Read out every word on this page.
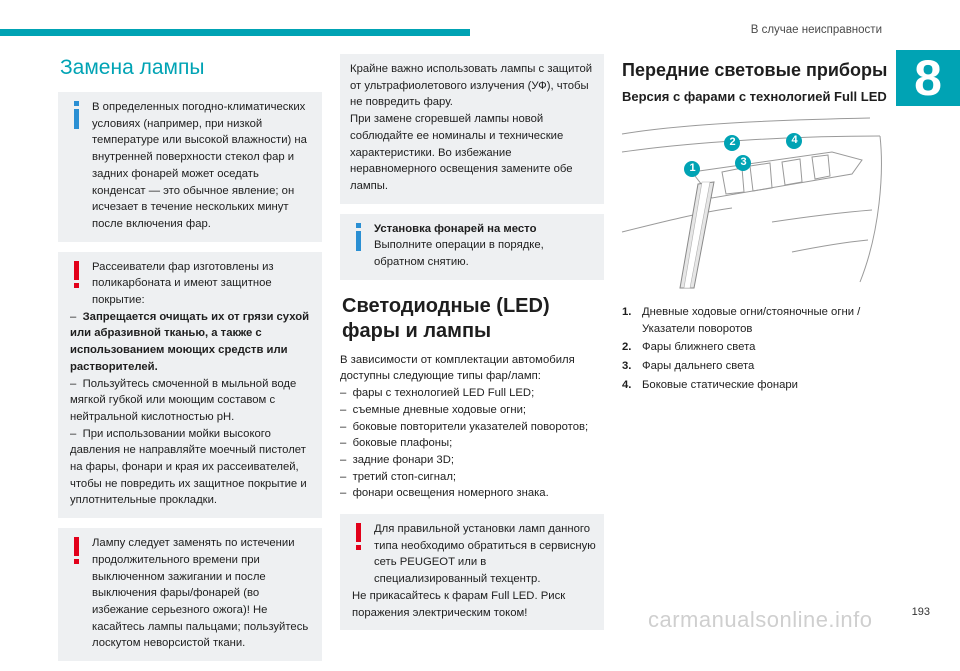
В случае неисправности
8
Замена лампы

В определенных погодно-климатических условиях (например, при низкой температуре или высокой влажности) на внутренней поверхности стекол фар и задних фонарей может оседать конденсат — это обычное явление; он исчезает в течение нескольких минут после включения фар.

Рассеиватели фар изготовлены из поликарбоната и имеют защитное покрытие:

– Запрещается очищать их от грязи сухой или абразивной тканью, а также с использованием моющих средств или растворителей.

– Пользуйтесь смоченной в мыльной воде мягкой губкой или моющим составом с нейтральной кислотностью pH.

– При использовании мойки высокого давления не направляйте моечный пистолет на фары, фонари и края их рассеивателей, чтобы не повредить их защитное покрытие и уплотнительные прокладки.

Лампу следует заменять по истечении продолжительного времени при выключенном зажигании и после выключения фары/фонарей (во избежание серьезного ожога)! Не касайтесь лампы пальцами; пользуйтесь лоскутом неворсистой ткани.

Крайне важно использовать лампы с защитой от ультрафиолетового излучения (УФ), чтобы не повредить фару.

При замене сгоревшей лампы новой соблюдайте ее номиналы и технические характеристики. Во избежание неравномерного освещения замените обе лампы.

Установка фонарей на место

Выполните операции в порядке, обратном снятию.

Светодиодные (LED) фары и лампы

В зависимости от комплектации автомобиля доступны следующие типы фар/ламп:

–  фары с технологией LED Full LED;

–  съемные дневные ходовые огни;

–  боковые повторители указателей поворотов;

–  боковые плафоны;

–  задние фонари 3D;

–  третий стоп-сигнал;

–  фонари освещения номерного знака.

Для правильной установки ламп данного типа необходимо обратиться в сервисную сеть PEUGEOT или в специализированный техцентр.

Не прикасайтесь к фарам Full LED. Риск поражения электрическим током!

Передние световые приборы
Версия с фарами с технологией Full LED
1
2
3
4
1. Дневные ходовые огни/стояночные огни / Указатели поворотов
2. Фары ближнего света
3. Фары дальнего света
4. Боковые статические фонари
carmanualsonline.info	193
